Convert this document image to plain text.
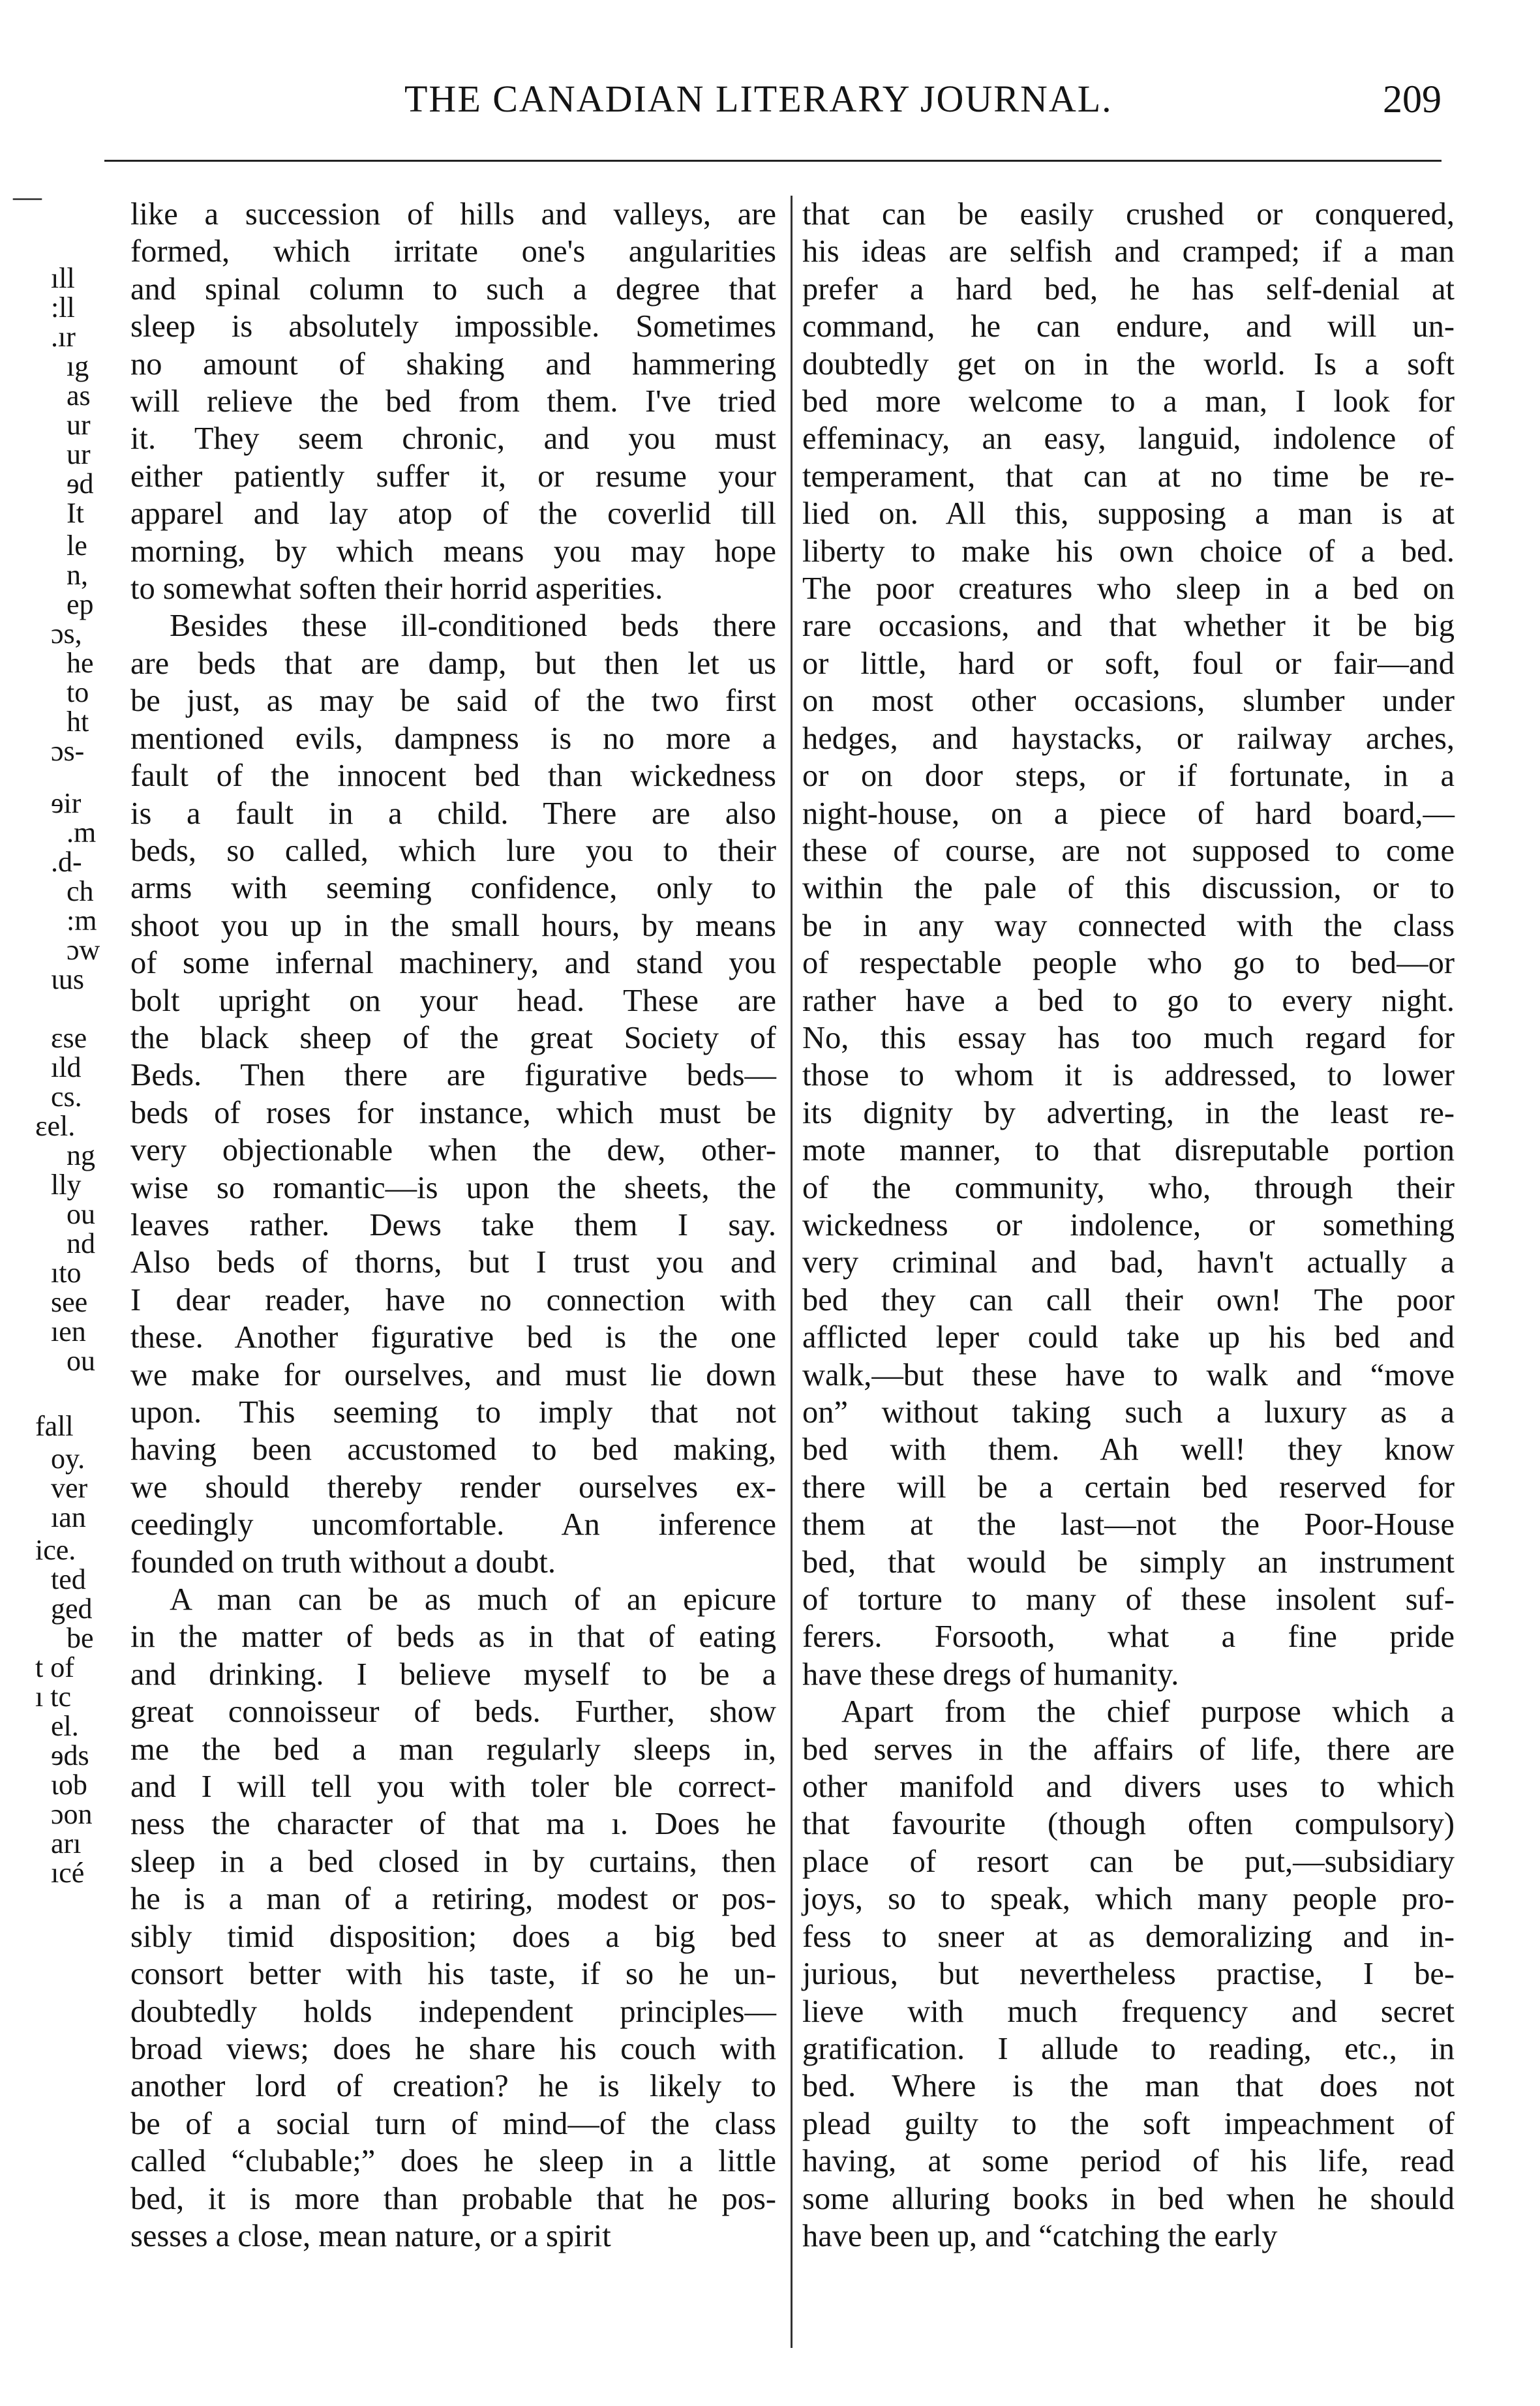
THE CANADIAN LITERARY JOURNAL.	209
—
ıll
:ll
.ır
ıg
as
ur
ur
ɘd
It
le
n,
ep
ɔs,
he
to
ht
ɔs-
ɘir
.m
.d-
ch
:m
ɔw
ɩus
ɛse
ıld
cs.
ɛel.
ng
lly
ou
nd
ıto
see
ıen
ou
fall
oy.
ver
ıan
ice.
ted
ged
be
t of
ı tc
el.
ɘds
ɩob
ɔon
arı
ıcé

like a succession of hills and valleys, are

formed, which irritate one's angularities

and spinal column to such a degree that

sleep is absolutely impossible. Sometimes

no amount of shaking and hammering

will relieve the bed from them. I've tried

it. They seem chronic, and you must

either patiently suffer it, or resume your

apparel and lay atop of the coverlid till

morning, by which means you may hope

to somewhat soften their horrid asperities.

Besides these ill-conditioned beds there

are beds that are damp, but then let us

be just, as may be said of the two first

mentioned evils, dampness is no more a

fault of the innocent bed than wickedness

is a fault in a child. There are also

beds, so called, which lure you to their

arms with seeming confidence, only to

shoot you up in the small hours, by means

of some infernal machinery, and stand you

bolt upright on your head. These are

the black sheep of the great Society of

Beds. Then there are figurative beds—

beds of roses for instance, which must be

very objectionable when the dew, other-

wise so romantic—is upon the sheets, the

leaves rather. Dews take them I say.

Also beds of thorns, but I trust you and

I dear reader, have no connection with

these. Another figurative bed is the one

we make for ourselves, and must lie down

upon. This seeming to imply that not

having been accustomed to bed making,

we should thereby render ourselves ex-

ceedingly uncomfortable. An inference

founded on truth without a doubt.

A man can be as much of an epicure

in the matter of beds as in that of eating

and drinking. I believe myself to be a

great connoisseur of beds. Further, show

me the bed a man regularly sleeps in,

and I will tell you with toler ble correct-

ness the character of that ma ı. Does he

sleep in a bed closed in by curtains, then

he is a man of a retiring, modest or pos-

sibly timid disposition; does a big bed

consort better with his taste, if so he un-

doubtedly holds independent principles—

broad views; does he share his couch with

another lord of creation? he is likely to

be of a social turn of mind—of the class

called “clubable;” does he sleep in a little

bed, it is more than probable that he pos-

sesses a close, mean nature, or a spirit

that can be easily crushed or conquered,

his ideas are selfish and cramped; if a man

prefer a hard bed, he has self-denial at

command, he can endure, and will un-

doubtedly get on in the world. Is a soft

bed more welcome to a man, I look for

effeminacy, an easy, languid, indolence of

temperament, that can at no time be re-

lied on. All this, supposing a man is at

liberty to make his own choice of a bed.

The poor creatures who sleep in a bed on

rare occasions, and that whether it be big

or little, hard or soft, foul or fair—and

on most other occasions, slumber under

hedges, and haystacks, or railway arches,

or on door steps, or if fortunate, in a

night-house, on a piece of hard board,—

these of course, are not supposed to come

within the pale of this discussion, or to

be in any way connected with the class

of respectable people who go to bed—or

rather have a bed to go to every night.

No, this essay has too much regard for

those to whom it is addressed, to lower

its dignity by adverting, in the least re-

mote manner, to that disreputable portion

of the community, who, through their

wickedness or indolence, or something

very criminal and bad, havn't actually a

bed they can call their own! The poor

afflicted leper could take up his bed and

walk,—but these have to walk and “move

on” without taking such a luxury as a

bed with them. Ah well! they know

there will be a certain bed reserved for

them at the last—not the Poor-House

bed, that would be simply an instrument

of torture to many of these insolent suf-

ferers. Forsooth, what a fine pride

have these dregs of humanity.

Apart from the chief purpose which a

bed serves in the affairs of life, there are

other manifold and divers uses to which

that favourite (though often compulsory)

place of resort can be put,—subsidiary

joys, so to speak, which many people pro-

fess to sneer at as demoralizing and in-

jurious, but nevertheless practise, I be-

lieve with much frequency and secret

gratification. I allude to reading, etc., in

bed. Where is the man that does not

plead guilty to the soft impeachment of

having, at some period of his life, read

some alluring books in bed when he should

have been up, and “catching the early
